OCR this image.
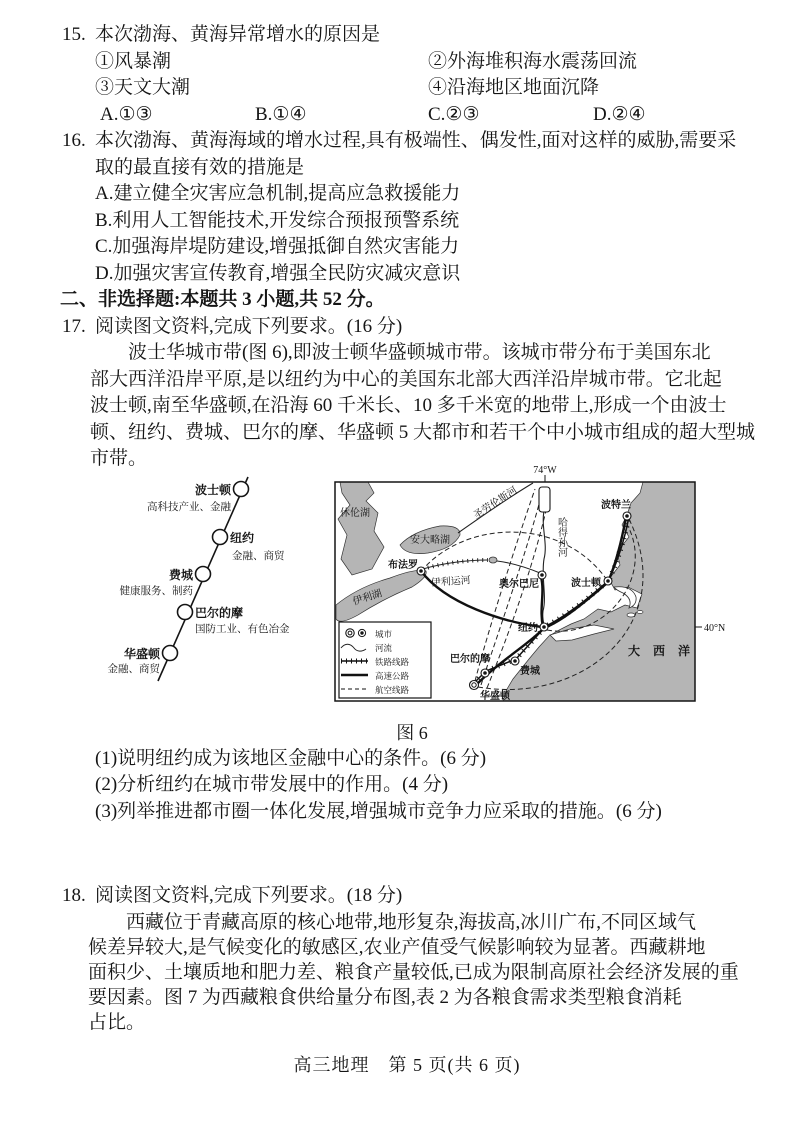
15. 本次渤海、黄海异常增水的原因是
①风暴潮	②外海堆积海水震荡回流
③天文大潮	④沿海地区地面沉降
A.①③	B.①④	C.②③	D.②④
16. 本次渤海、黄海海域的增水过程,具有极端性、偶发性,面对这样的威胁,需要采
取的最直接有效的措施是
A.建立健全灾害应急机制,提高应急救援能力
B.利用人工智能技术,开发综合预报预警系统
C.加强海岸堤防建设,增强抵御自然灾害能力
D.加强灾害宣传教育,增强全民防灾减灾意识
二、非选择题:本题共 3 小题,共 52 分。
17. 阅读图文资料,完成下列要求。(16 分)
波士华城市带(图 6),即波士顿华盛顿城市带。该城市带分布于美国东北
部大西洋沿岸平原,是以纽约为中心的美国东北部大西洋沿岸城市带。它北起
波士顿,南至华盛顿,在沿海 60 千米长、10 多千米宽的地带上,形成一个由波士
顿、纽约、费城、巴尔的摩、华盛顿 5 大都市和若干个中小城市组成的超大型城
市带。
波士顿
高科技产业、金融
纽约
金融、商贸
费城
健康服务、制药
巴尔的摩
国防工业、有色冶金
华盛顿
金融、商贸
74°W
40°N
休伦湖
安大略湖
伊利湖
圣劳伦斯河
哈得孙河
伊利运河
大 西 洋
布法罗
奥尔巴尼
波特兰
波士顿
纽约
费城
巴尔的摩
华盛顿
城市
河流
铁路线路
高速公路
航空线路
图 6
(1)说明纽约成为该地区金融中心的条件。(6 分)
(2)分析纽约在城市带发展中的作用。(4 分)
(3)列举推进都市圈一体化发展,增强城市竞争力应采取的措施。(6 分)
18. 阅读图文资料,完成下列要求。(18 分)
西藏位于青藏高原的核心地带,地形复杂,海拔高,冰川广布,不同区域气
候差异较大,是气候变化的敏感区,农业产值受气候影响较为显著。西藏耕地
面积少、土壤质地和肥力差、粮食产量较低,已成为限制高原社会经济发展的重
要因素。图 7 为西藏粮食供给量分布图,表 2 为各粮食需求类型粮食消耗
占比。
高三地理　第 5 页(共 6 页)
